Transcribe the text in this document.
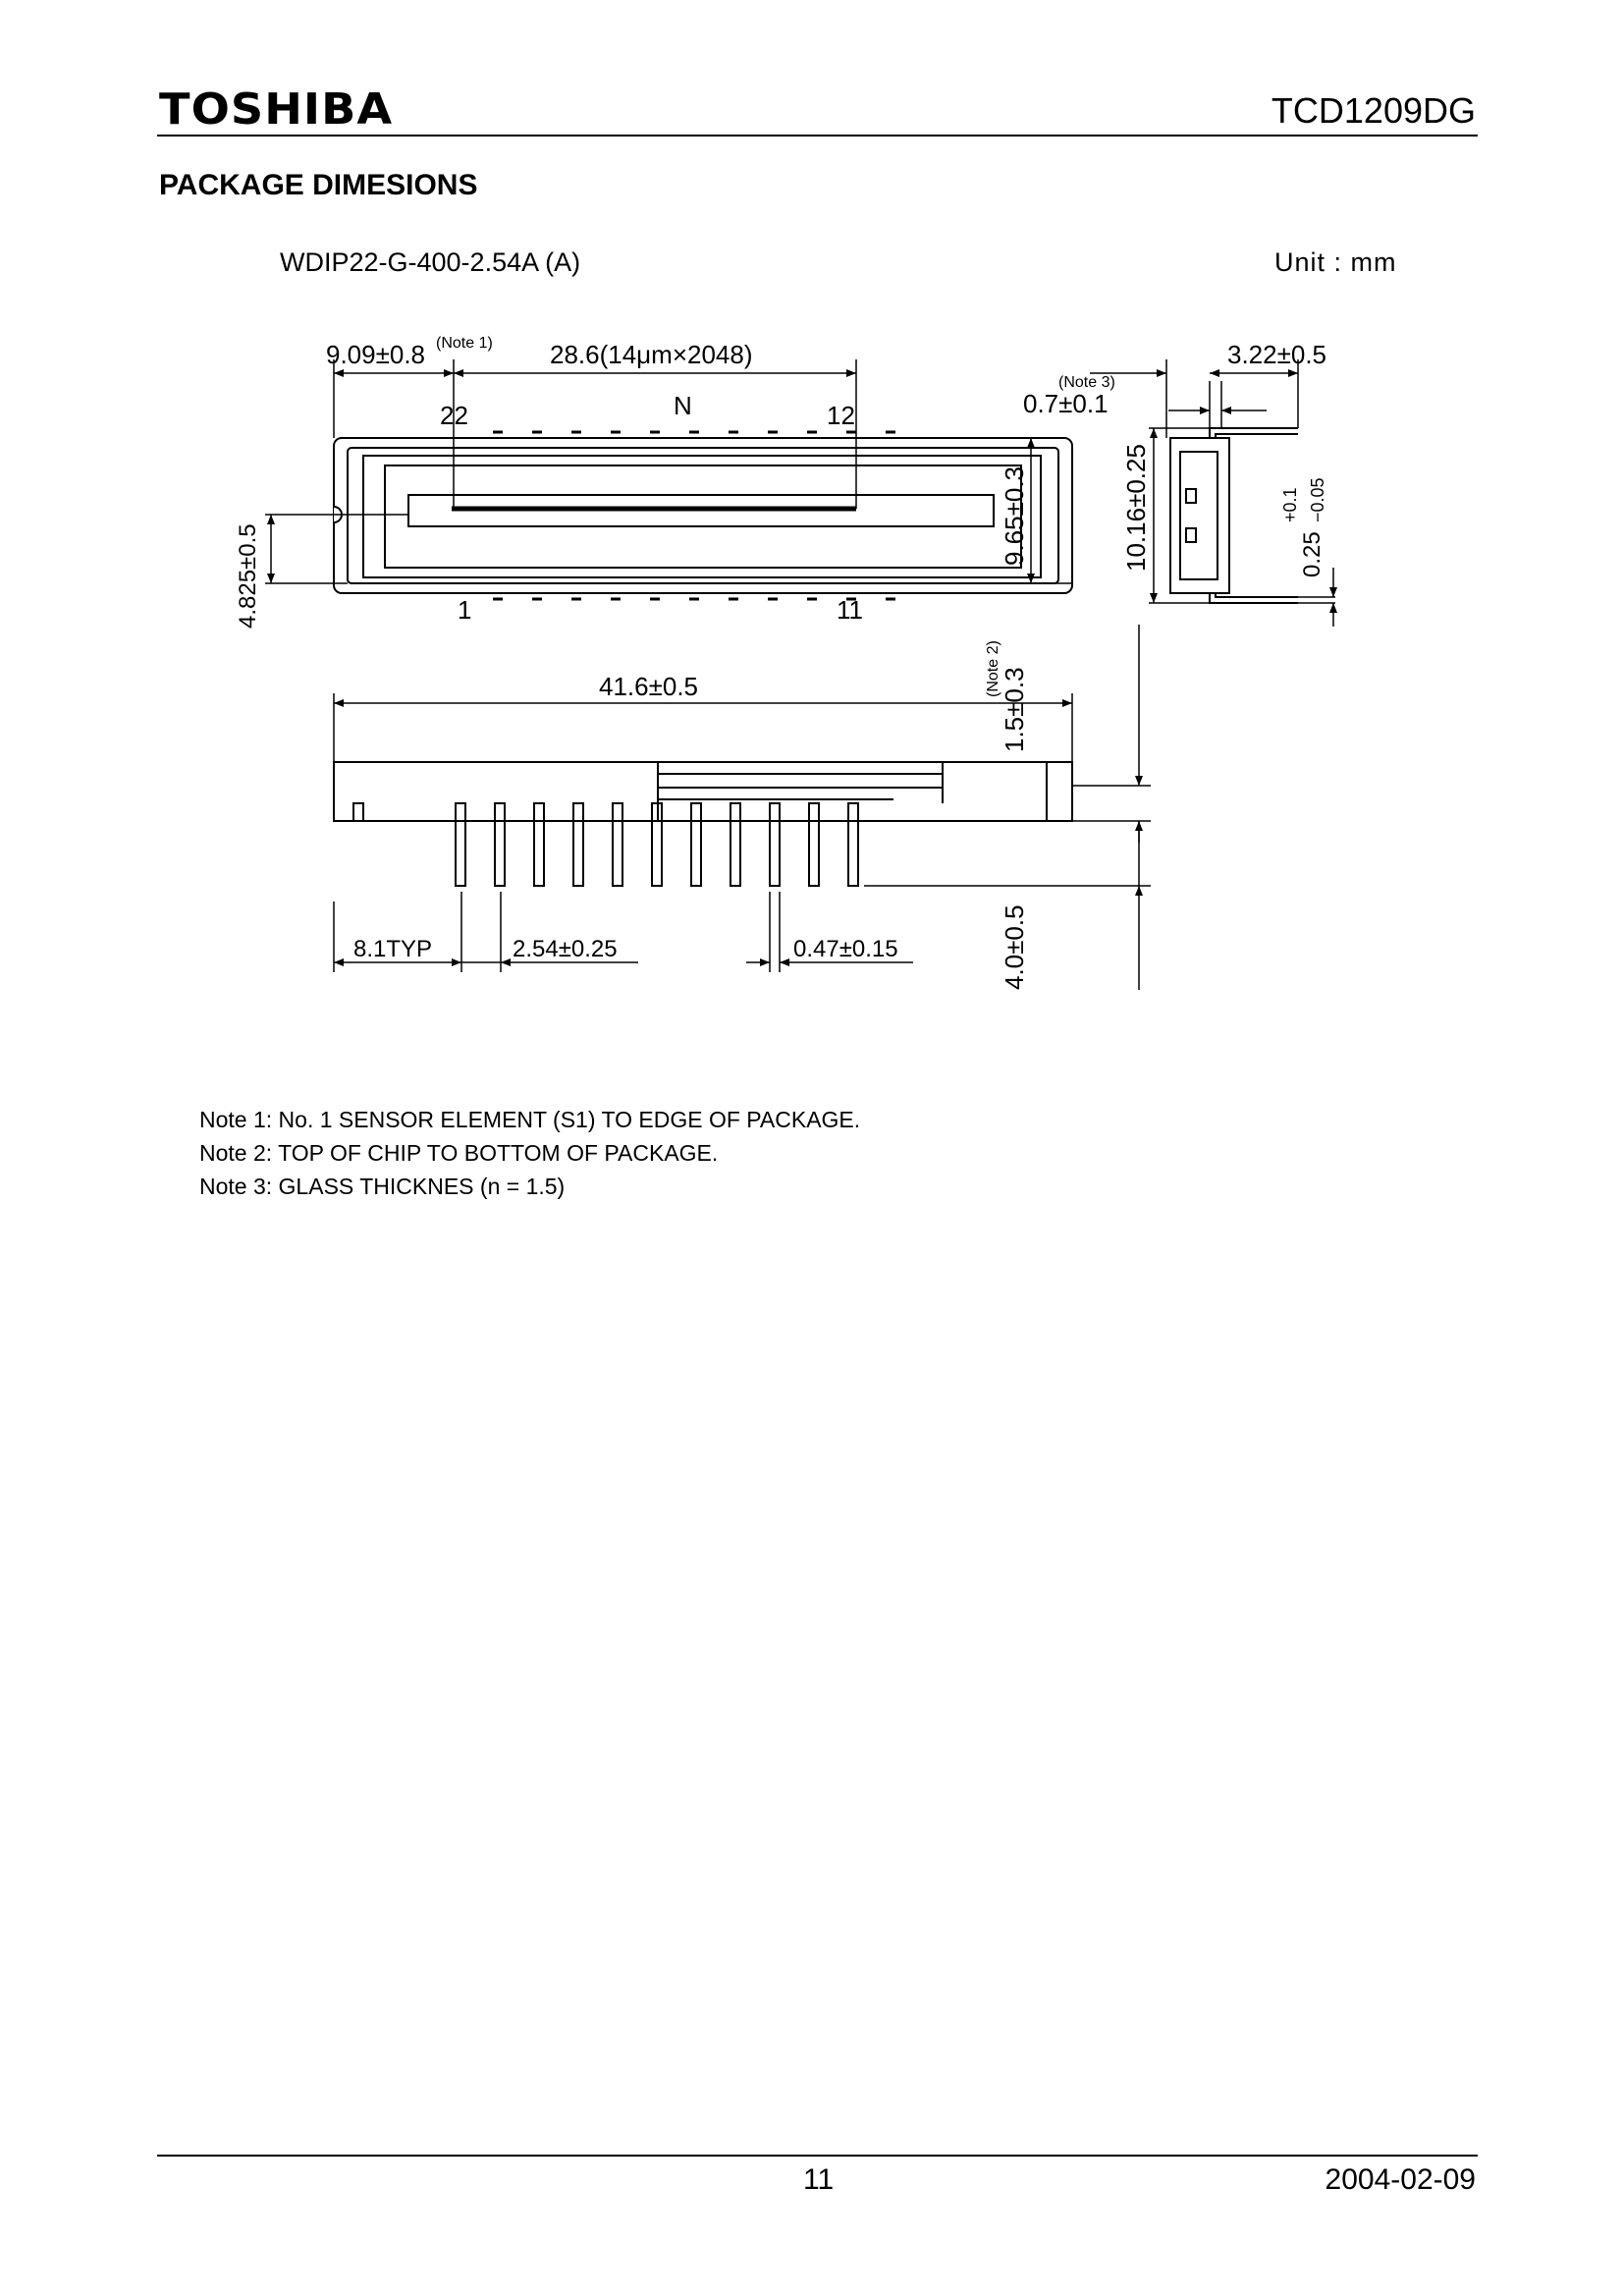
TOSHIBA	TCD1209DG
PACKAGE DIMESIONS
WDIP22-G-400-2.54A (A)	Unit : mm
9.09±0.8 (Note 1) 28.6(14μm×2048)
22	N	12
1	11
4.825±0.5
9.65±0.3
(Note 3)
0.7±0.1
3.22±0.5
10.16±0.25	0.25
+0.1 −0.05
41.6±0.5	(Note 2)
1.5±0.3
4.0±0.5
8.1TYP	2.54±0.25	0.47±0.15
Note 1: No. 1 SENSOR ELEMENT (S1) TO EDGE OF PACKAGE.
Note 2: TOP OF CHIP TO BOTTOM OF PACKAGE.
Note 3: GLASS THICKNES (n = 1.5)
11	2004-02-09
